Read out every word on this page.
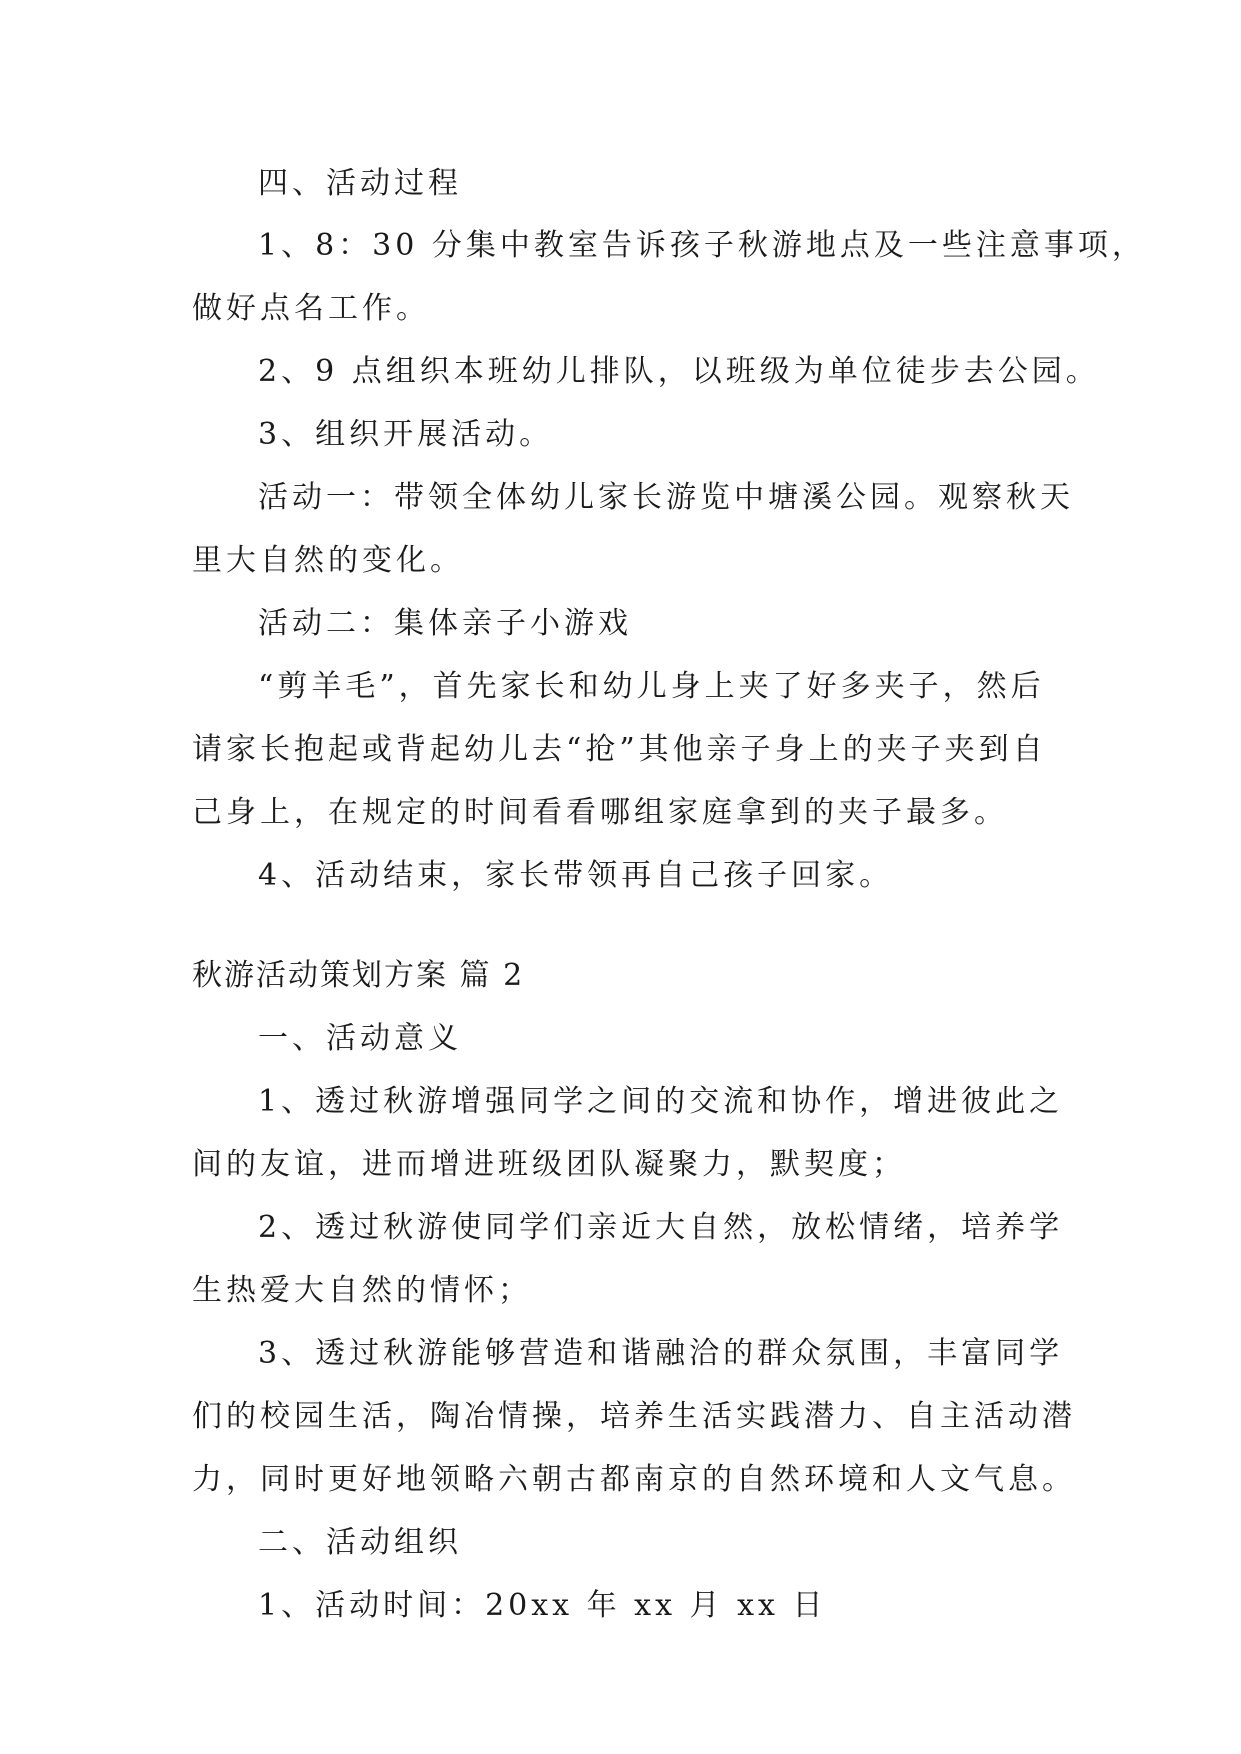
四、活动过程
1、8：30 分集中教室告诉孩子秋游地点及一些注意事项，
做好点名工作。
2、9 点组织本班幼儿排队，以班级为单位徒步去公园。
3、组织开展活动。
活动一：带领全体幼儿家长游览中塘溪公园。观察秋天
里大自然的变化。
活动二：集体亲子小游戏
“剪羊毛”，首先家长和幼儿身上夹了好多夹子，然后
请家长抱起或背起幼儿去“抢”其他亲子身上的夹子夹到自
己身上，在规定的时间看看哪组家庭拿到的夹子最多。
4、活动结束，家长带领再自己孩子回家。
秋游活动策划方案 篇 2
一、活动意义
1、透过秋游增强同学之间的交流和协作，增进彼此之
间的友谊，进而增进班级团队凝聚力，默契度；
2、透过秋游使同学们亲近大自然，放松情绪，培养学
生热爱大自然的情怀；
3、透过秋游能够营造和谐融洽的群众氛围，丰富同学
们的校园生活，陶冶情操，培养生活实践潜力、自主活动潜
力，同时更好地领略六朝古都南京的自然环境和人文气息。
二、活动组织
1、活动时间：20xx 年 xx 月 xx 日
